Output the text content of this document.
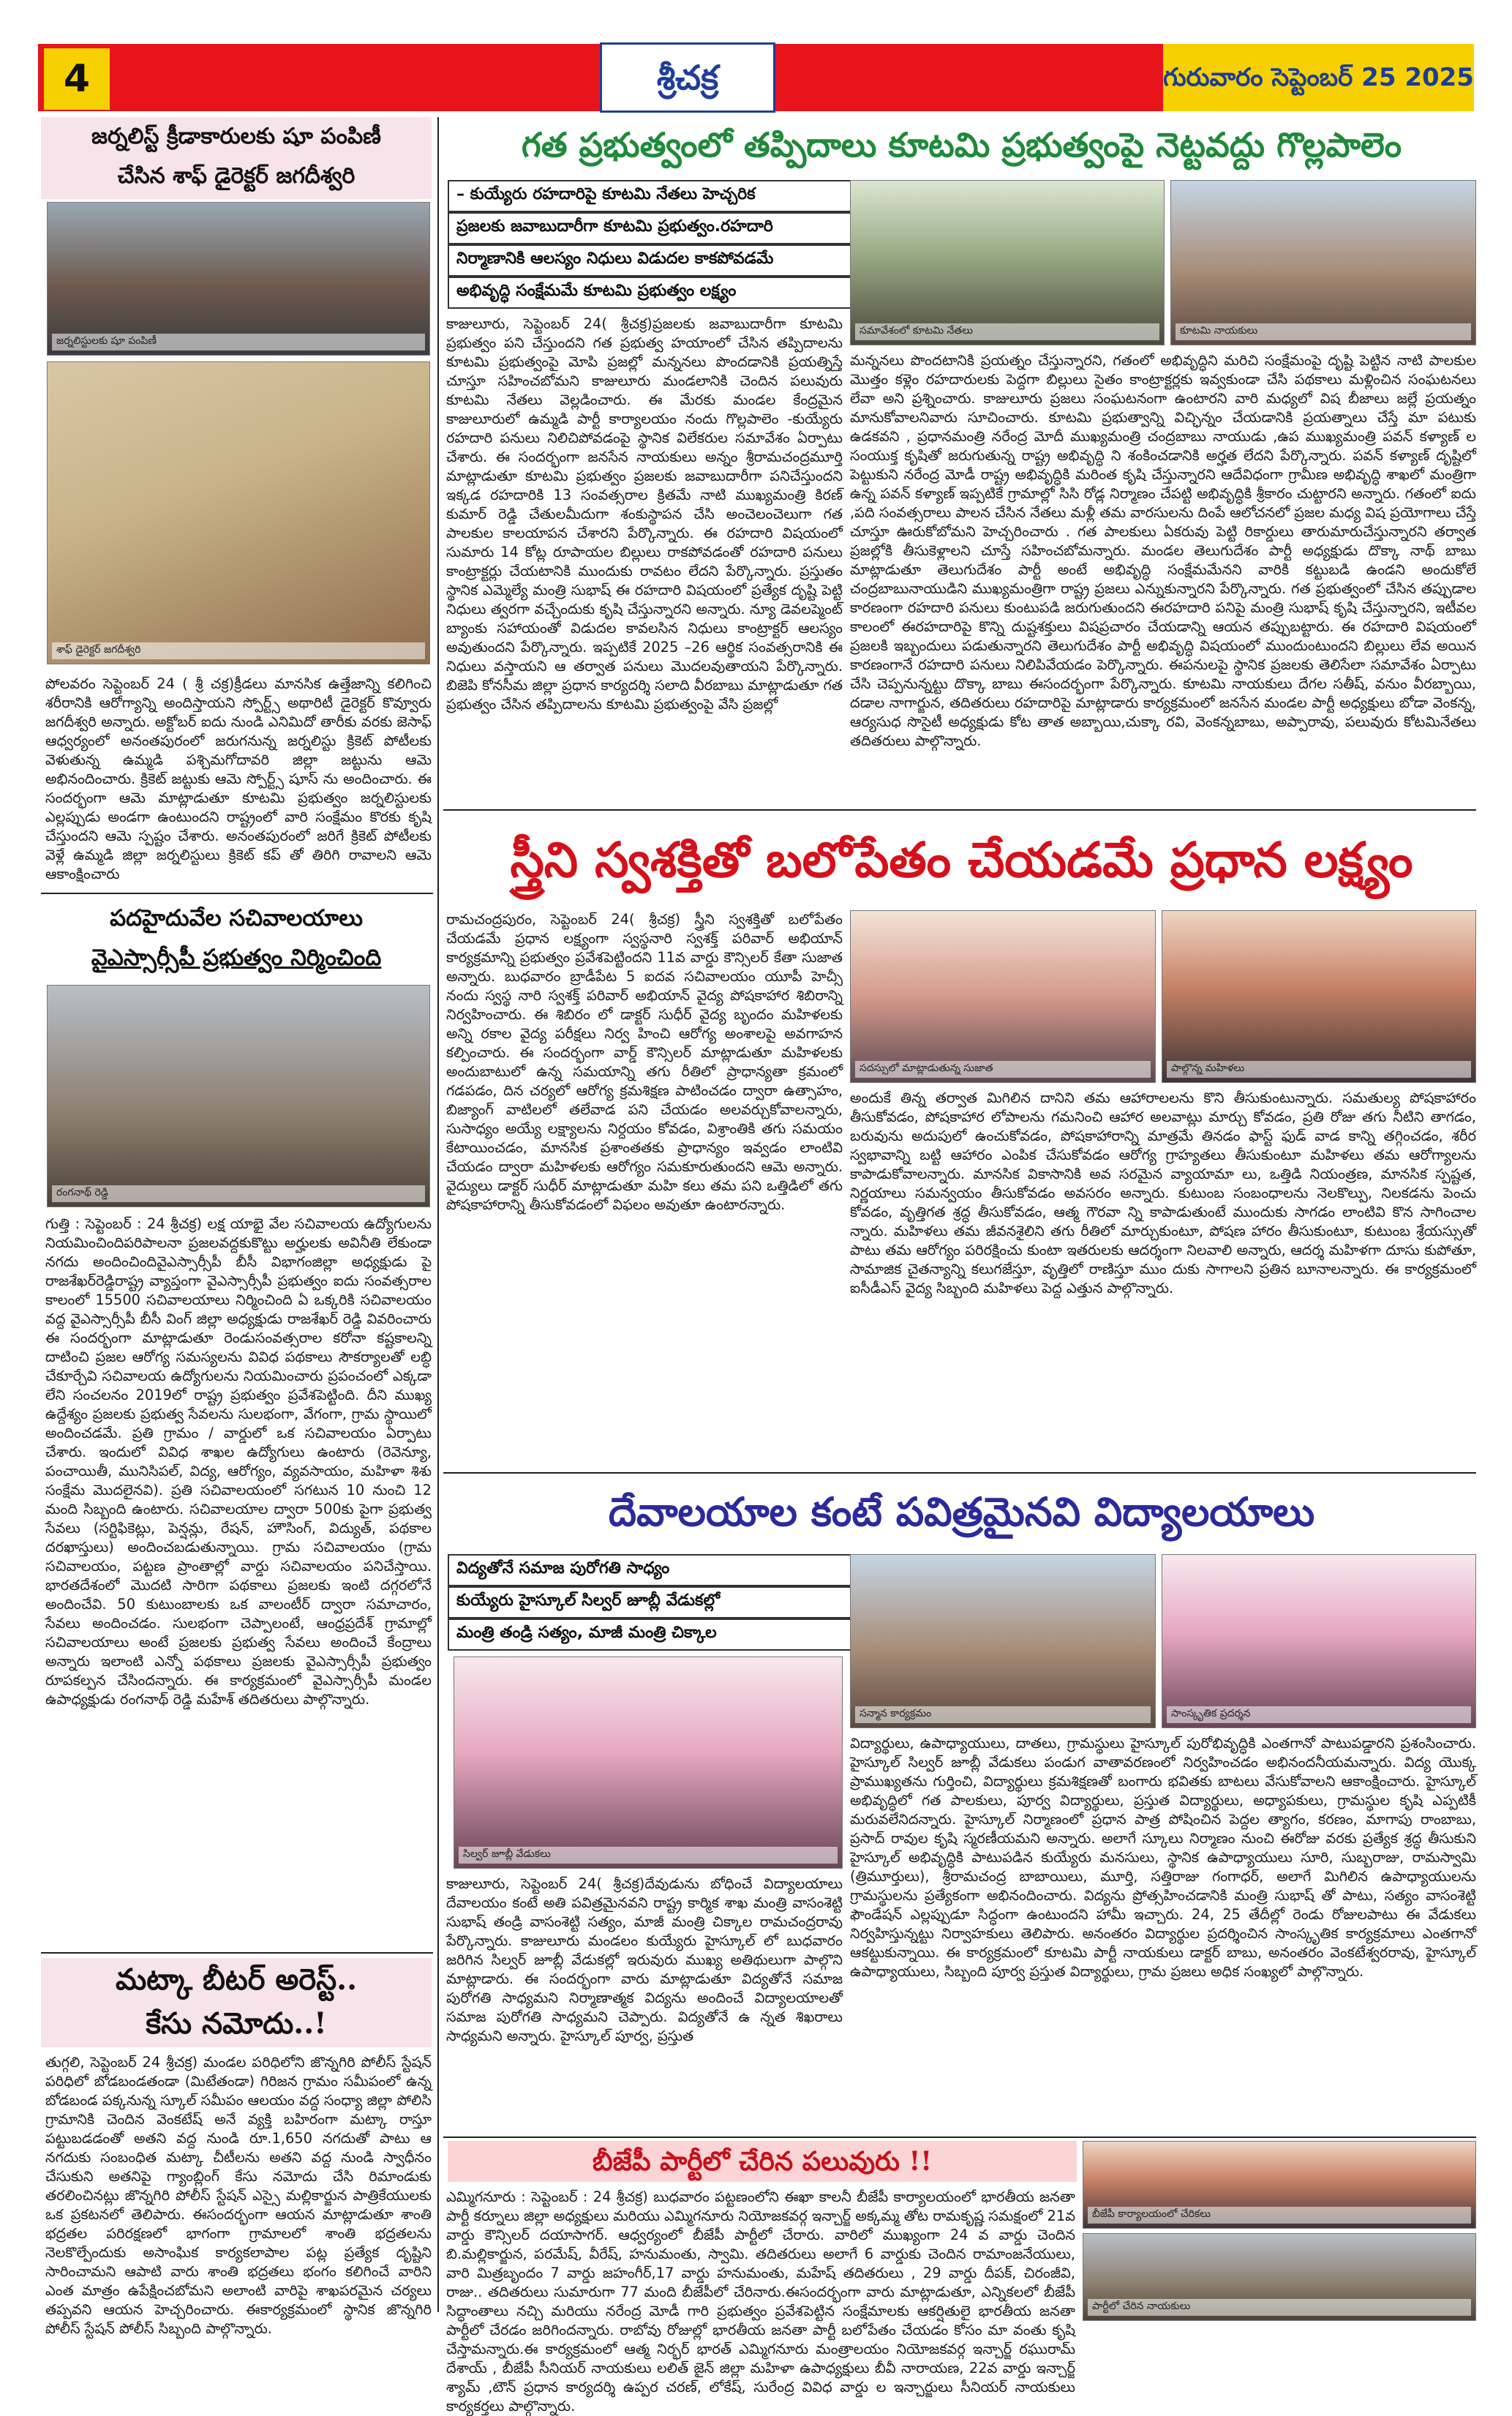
4	శ్రీచక్ర	గురువారం సెప్టెంబర్ 25 2025
జర్నలిస్ట్ క్రీడాకారులకు షూ పంపిణీ
చేసిన శాఫ్ డైరెక్టర్ జగదీశ్వరి
జర్నలిస్టులకు షూ పంపిణీ
శాఫ్ డైరెక్టర్ జగదీశ్వరి
పోలవరం సెప్టెంబర్ 24 ( శ్రీ చక్ర)క్రీడలు మానసిక ఉత్తేజాన్ని కలిగించి శరీరానికి ఆరోగ్యాన్ని అందిస్తాయని స్పోర్ట్స్ అథారిటీ డైరెక్టర్ కొవ్వూరు జగదీశ్వరి అన్నారు. అక్టోబర్ ఐదు నుండి ఎనిమిదో తారీకు వరకు జెసాఫ్ ఆధ్వర్యంలో అనంతపురంలో జరుగనున్న జర్నలిస్టు క్రికెట్ పోటీలకు వెళుతున్న ఉమ్మడి పశ్చిమగోదావరి జిల్లా జట్టును ఆమె అభినందించారు. క్రికెట్ జట్టుకు ఆమె స్పోర్ట్స్ షూస్ ను అందించారు. ఈ సందర్భంగా ఆమె మాట్లాడుతూ కూటమి ప్రభుత్వం జర్నలిస్టులకు ఎల్లప్పుడు అండగా ఉంటుందని రాష్ట్రంలో వారి సంక్షేమం కొరకు కృషి చేస్తుందని ఆమె స్పష్టం చేశారు. అనంతపురంలో జరిగే క్రికెట్ పోటీలకు వెళ్లే ఉమ్మడి జిల్లా జర్నలిస్టులు క్రికెట్ కప్ తో తిరిగి రావాలని ఆమె ఆకాంక్షించారు
పదహైదువేల సచివాలయాలు
వైఎస్సార్సీపీ ప్రభుత్వం నిర్మించింది
రంగనాథ్ రెడ్డి
గుత్తి : సెప్టెంబర్ : 24 శ్రీచక్ర) లక్ష యాభై వేల సచివాలయ ఉద్యోగులను నియమించిందిపరిపాలనా ప్రజలవద్దకుకొట్టు అర్హులకు అవినీతి లేకుండా నగదు అందించిందివైఎస్సార్సీపీ బీసీ విభాగంజిల్లా అధ్యక్షుడు పై రాజశేఖర్‌రెడ్డిరాష్ట్ర వ్యాప్తంగా వైఎస్సార్సీపీ ప్రభుత్వం ఐదు సంవత్సరాల కాలంలో 15500 సచివాలయాలు నిర్మించింది ఏ ఒక్కరికి సచివాలయం వద్ద వైఎస్సార్సీపీ బీసీ వింగ్ జిల్లా అధ్యక్షుడు రాజశేఖర్ రెడ్డి వివరించారు ఈ సందర్భంగా మాట్లాడుతూ రెండుసంవత్సరాల కరోనా కష్టకాలన్ని దాటించి ప్రజల ఆరోగ్య సమస్యలను వివిధ పథకాలు సౌకర్యాలతో లబ్ధి చేకూర్చేవి సచివాలయ ఉద్యోగులను నియమించారు ప్రపంచంలో ఎక్కడా లేని సంచలనం 2019లో రాష్ట్ర ప్రభుత్వం ప్రవేశపెట్టింది. దీని ముఖ్య ఉద్దేశ్యం ప్రజలకు ప్రభుత్వ సేవలను సులభంగా, వేగంగా, గ్రామ స్థాయిలో అందించడమే. ప్రతి గ్రామం / వార్డులో ఒక సచివాలయం ఏర్పాటు చేశారు. ఇందులో వివిధ శాఖల ఉద్యోగులు ఉంటారు (రెవెన్యూ, పంచాయితీ, మునిసిపల్, విద్య, ఆరోగ్యం, వ్యవసాయం, మహిళా శిశు సంక్షేమ మొదలైనవి). ప్రతి సచివాలయంలో సగటున 10 నుంచి 12 మంది సిబ్బంది ఉంటారు. సచివాలయాల ద్వారా 500కు పైగా ప్రభుత్వ సేవలు (సర్టిఫికెట్లు, పెన్షన్లు, రేషన్, హౌసింగ్, విద్యుత్, పథకాల దరఖాస్తులు) అందించబడుతున్నాయి. గ్రామ సచివాలయం (గ్రామ సచివాలయం, పట్టణ ప్రాంతాల్లో వార్డు సచివాలయం పనిచేస్తాయి. భారతదేశంలో మొదటి సారిగా పథకాలు ప్రజలకు ఇంటి దగ్గరలోనే అందించేవి. 50 కుటుంబాలకు ఒక వాలంటీర్ ద్వారా సమాచారం, సేవలు అందించడం. సులభంగా చెప్పాలంటే, ఆంధ్రప్రదేశ్ గ్రామాల్లో సచివాలయాలు అంటే ప్రజలకు ప్రభుత్వ సేవలు అందించే కేంద్రాలు అన్నారు ఇలాంటి ఎన్నో పథకాలు ప్రజలకు వైఎస్సార్సీపీ ప్రభుత్వం రూపకల్పన చేసిందన్నారు. ఈ కార్యక్రమంలో వైఎస్సార్సీపీ మండల ఉపాధ్యక్షుడు రంగనాథ్ రెడ్డి మహేశ్ తదితరులు పాల్గొన్నారు.
మట్కా బీటర్ అరెస్ట్..
కేసు నమోదు..!
తుగ్గలి, సెప్టెంబర్ 24 శ్రీచక్ర) మండల పరిధిలోని జొన్నగిరి పోలీస్ స్టేషన్ పరిధిలో బోడబండతండా (మిటేతండా) గిరిజన గ్రామం సమీపంలో ఉన్న బోడబండ పక్కనున్న స్కూల్ సమీపం ఆలయం వద్ద సంధ్యా జిల్లా పోలిసి గ్రామానికి చెందిన వెంకటేష్ అనే వ్యక్తి బహిరంగా మట్కా రాస్తూ పట్టుబడడంతో అతని వద్ద నుండి రూ.1,650 నగదుతో పాటు ఆ నగదుకు సంబంధిత మట్కా చీటీలను అతని వద్ద నుండి స్వాధీనం చేసుకుని అతనిపై గ్యాంబ్లింగ్ కేసు నమోదు చేసి రిమాండుకు తరలించినట్లు జొన్నగిరి పోలీస్ స్టేషన్ ఎస్సై మల్లికార్జున పాత్రికేయులకు ఒక ప్రకటనలో తెలిపారు. ఈసందర్భంగా ఆయన మాట్లాడుతూ శాంతి భద్రతల పరిరక్షణలో భాగంగా గ్రామాలలో శాంతి భద్రతలను నెలకొల్పేందుకు అసాంఘిక కార్యకలాపాల పట్ల ప్రత్యేక దృష్టిని సారించామని ఆపాటి వారు శాంతి భద్రతలు భంగం కలిగించే వారిని ఎంత మాత్రం ఉపేక్షించబోమని అలాంటి వారిపై శాఖపరమైన చర్యలు తప్పవని ఆయన హెచ్చరించారు. ఈకార్యక్రమంలో స్థానిక జొన్నగిరి పోలీస్ స్టేషన్ పోలీస్ సిబ్బంది పాల్గొన్నారు.
గత ప్రభుత్వంలో తప్పిదాలు కూటమి ప్రభుత్వంపై నెట్టవద్దు గొల్లపాలెం
– కుయ్యేరు రహదారిపై కూటమి నేతలు హెచ్చరిక
ప్రజలకు జవాబుదారీగా కూటమి ప్రభుత్వం.రహదారి
నిర్మాణానికి ఆలస్యం నిధులు విడుదల కాకపోవడమే
అభివృద్ధి సంక్షేమమే కూటమి ప్రభుత్వం లక్ష్యం
సమావేశంలో కూటమి నేతలు	కూటమి నాయకులు
కాజులూరు, సెప్టెంబర్ 24( శ్రీచక్ర)ప్రజలకు జవాబుదారీగా కూటమి ప్రభుత్వం పని చేస్తుందని గత ప్రభుత్వ హయాంలో చేసిన తప్పిదాలను కూటమి ప్రభుత్వంపై మోపి ప్రజల్లో మన్ననలు పొందడానికి ప్రయత్నిస్తే చూస్తూ సహించబోమని కాజులూరు మండలానికి చెందిన పలువురు కూటమి నేతలు వెల్లడించారు. ఈ మేరకు మండల కేంద్రమైన కాజులూరులో ఉమ్మడి పార్టీ కార్యాలయం నందు గొల్లపాలెం -కుయ్యేరు రహదారి పనులు నిలిచిపోవడంపై స్థానిక విలేకరుల సమావేశం ఏర్పాటు చేశారు. ఈ సందర్భంగా జనసేన నాయకులు అన్నం శ్రీరామచంద్రమూర్తి మాట్లాడుతూ కూటమి ప్రభుత్వం ప్రజలకు జవాబుదారీగా పనిచేస్తుందని ఇక్కడ రహదారికి 13 సంవత్సరాల క్రితమే నాటి ముఖ్యమంత్రి కిరణ్ కుమార్ రెడ్డి చేతులమీదుగా శంకుస్థాపన చేసి అంచెలంచెలుగా గత పాలకుల కాలయాపన చేశారని పేర్కొన్నారు. ఈ రహదారి విషయంలో సుమారు 14 కోట్ల రూపాయల బిల్లులు రాకపోవడంతో రహదారి పనులు కాంట్రాక్టర్లు చేయటానికి ముందుకు రావటం లేదని పేర్కొన్నారు. ప్రస్తుతం స్థానిక ఎమ్మెల్యే మంత్రి సుభాష్ ఈ రహదారి విషయంలో ప్రత్యేక దృష్టి పెట్టి నిధులు త్వరగా వచ్చేందుకు కృషి చేస్తున్నారని అన్నారు. న్యూ డెవలప్మెంట్ బ్యాంకు సహాయంతో విడుదల కావలసిన నిధులు కాంట్రాక్టర్ ఆలస్యం అవుతుందని పేర్కొన్నారు. ఇప్పటికే 2025 –26 ఆర్థిక సంవత్సరానికి ఈ నిధులు వస్తాయని ఆ తర్వాత పనులు మొదలవుతాయని పేర్కొన్నారు. బిజెపి కోనసీమ జిల్లా ప్రధాన కార్యదర్శి సలాది వీరబాబు మాట్లాడుతూ గత ప్రభుత్వం చేసిన తప్పిదాలను కూటమి ప్రభుత్వంపై వేసి ప్రజల్లో
మన్ననలు పొందటానికి ప్రయత్నం చేస్తున్నారని, గతంలో అభివృద్ధిని మరిచి సంక్షేమంపై దృష్టి పెట్టిన నాటి పాలకుల మొత్తం కళ్లెం రహదారులకు పెద్దగా బిల్లులు సైతం కాంట్రాక్టర్లకు ఇవ్వకుండా చేసి పథకాలు మళ్లించిన సంఘటనలు లేవా అని ప్రశ్నించారు. కాజులూరు ప్రజలు సంఘటనంగా ఉంటారని వారి మధ్యలో విష బీజాలు జల్లే ప్రయత్నం మానుకోవాలనివారు సూచించారు. కూటమి ప్రభుత్వాన్ని విచ్ఛిన్నం చేయడానికి ప్రయత్నాలు చేస్తే మా పటుకు ఉడకవని , ప్రధానమంత్రి నరేంద్ర మోదీ ముఖ్యమంత్రి చంద్రబాబు నాయుడు ,ఉప ముఖ్యమంత్రి పవన్ కళ్యాణ్ ల సంయుక్త కృషితో జరుగుతున్న రాష్ట్ర అభివృద్ధి ని శంకించడానికి అర్హత లేదని పేర్కొన్నారు. పవన్ కళ్యాణ్ దృష్టిలో పెట్టుకుని నరేంద్ర మోడీ రాష్ట్ర అభివృద్ధికి మరింత కృషి చేస్తున్నారని ఆదేవిధంగా గ్రామీణ అభివృద్ధి శాఖలో మంత్రిగా ఉన్న పవన్ కళ్యాణ్ ఇప్పటికే గ్రామాల్లో సిసి రోడ్ల నిర్మాణం చేపట్టి అభివృద్ధికి శ్రీకారం చుట్టారని అన్నారు. గతంలో ఐదు ,పది సంవత్సరాలు పాలన చేసిన నేతలు మళ్లీ తమ వారసులను దింపే ఆలోచనలో ప్రజల మధ్య విష ప్రయోగాలు చేస్తే చూస్తూ ఊరుకోబోమని హెచ్చరించారు . గత పాలకులు ఏకరువు పెట్టి రికార్డులు తారుమారుచేస్తున్నారని తర్వాత ప్రజల్లోకి తీసుకెళ్లాలని చూస్తే సహించబోమన్నారు. మండల తెలుగుదేశం పార్టీ అధ్యక్షుడు దొక్కా నాథ్ బాబు మాట్లాడుతూ తెలుగుదేశం పార్టీ అంటే అభివృద్ధి సంక్షేమమేనని వారికి కట్టుబడి ఉండని అందుకోలే చంద్రబాబునాయుడిని ముఖ్యమంత్రిగా రాష్ట్ర ప్రజలు ఎన్నుకున్నారని పేర్కొన్నారు. గత ప్రభుత్వంలో చేసిన తప్పుడాల కారణంగా రహదారి పనులు కుంటుపడి జరుగుతుందని ఈరహదారి పనిపై మంత్రి సుభాష్ కృషి చేస్తున్నారని, ఇటీవల కాలంలో ఈరహదారిపై కొన్ని దుష్టశక్తులు విషప్రచారం చేయడాన్ని ఆయన తప్పుబట్టారు. ఈ రహదారి విషయంలో ప్రజలకి ఇబ్బందులు పడుతున్నారని తెలుగుదేశం పార్టీ అభివృద్ధి విషయంలో ముందుంటుందని బిల్లులు లేవ అయిన కారణంగానే రహదారి పనులు నిలిపివేయడం పెర్కొన్నారు. ఈపనులపై స్థానిక ప్రజలకు తెలిసేలా సమావేశం ఏర్పాటు చేసి చెప్పనున్నట్టు దొక్కా బాబు ఈసందర్భంగా పేర్కొన్నారు. కూటమి నాయకులు దేగల సతీష్, వనుం వీరబ్బాయి, దడాల నాగార్జున, తదితరులు రహదారిపై మాట్లాడారు కార్యక్రమంలో జనసేన మండల పార్టీ అధ్యక్షులు బోడా వెంకన్న, ఆర్యసుధ సొసైటీ అధ్యక్షుడు కోట తాత అబ్బాయి,చుక్కా రవి, వెంకన్నబాబు, అప్పారావు, పలువురు కోటమినేతలు తదితరులు పాల్గొన్నారు.
స్త్రీని స్వశక్తితో బలోపేతం చేయడమే ప్రధాన లక్ష్యం
రామచంద్రపురం, సెప్టెంబర్ 24( శ్రీచక్ర) స్త్రీని స్వశక్తితో బలోపేతం చేయడమే ప్రధాన లక్ష్యంగా స్వస్థనారి స్వశక్త్ పరివార్ అభియాన్ కార్యక్రమాన్ని ప్రభుత్వం ప్రవేశపెట్టిందని 11వ వార్డు కౌన్సిలర్ కేతా సుజాత అన్నారు. బుధవారం బ్రాడీపేట 5 ఐదవ సచివాలయం యూపీ హెచ్సీ నందు స్వస్థ నారి స్వశక్త్ పరివార్ అభియాన్ వైద్య పోషకాహార శిబిరాన్ని నిర్వహించారు. ఈ శిబిరం లో డాక్టర్ సుధీర్ వైద్య బృందం మహిళలకు అన్ని రకాల వైద్య పరీక్షలు నిర్వ హించి ఆరోగ్య అంశాలపై అవగాహన కల్పించారు. ఈ సందర్భంగా వార్డ్ కౌన్సిలర్ మాట్లాడుతూ మహిళలకు అందుబాటులో ఉన్న సమయాన్ని తగు రీతిలో ప్రాధాన్యతా క్రమంలో గడపడం, దిన చర్యలో ఆరోగ్య క్రమశిక్షణ పాటించడం ద్వారా ఉత్సాహం, బిజ్యాంగ్ వాటిలలో తలేవాడ పని చేయడం అలవర్చుకోవాలన్నారు, సుసాధ్యం అయ్యే లక్ష్యాలను నిర్దయం కోవడం, విశ్రాంతికి తగు సమయం కేటాయించడం, మానసిక ప్రశాంతతకు ప్రాధాన్యం ఇవ్వడం లాంటివి చేయడం ద్వారా మహిళలకు ఆరోగ్యం సమకూరుతుందని ఆమె అన్నారు. వైద్యులు డాక్టర్ సుధీర్ మాట్లాడుతూ మహి కలు తమ పని ఒత్తిడిలో తగు పోషకాహారాన్ని తీసుకోవడంలో విఫలం అవుతూ ఉంటారన్నారు.
సదస్సులో మాట్లాడుతున్న సుజాత	పాల్గొన్న మహిళలు
అందుకే తిన్న తర్వాత మిగిలిన దానిని తమ ఆహారాలలను కొని తీసుకుంటున్నారు. సమతుల్య పోషకాహారం తీసుకోవడం, పోషకాహార లోపాలను గమనించి ఆహార అలవాట్లు మార్చు కోవడం, ప్రతి రోజు తగు నీటిని తాగడం, బరువును అదుపులో ఉంచుకోవడం, పోషకాహారాన్ని మాత్రమే తినడం ఫాస్ట్ ఫుడ్ వాడ కాన్ని తగ్గించడం, శరీర స్వభావాన్ని బట్టి ఆహారం ఎంపిక చేసుకోవడం ఆరోగ్య గ్రాహ్యతలు తీసుకుంటూ మహిళలు తమ ఆరోగ్యాలను కాపాడుకోవాలన్నారు. మానసిక వికాసానికి అవ సరమైన వ్యాయామా లు, ఒత్తిడి నియంత్రణ, మానసిక స్పష్టత, నిర్ణయాలు సమన్వయం తీసుకోవడం అవసరం అన్నారు. కుటుంబ సంబంధాలను నెలకొల్పు, నిలకడను పెంచు కోవడం, వృత్తిగత శ్రద్ధ తీసుకోవడం, ఆత్మ గౌరవా న్ని కాపాడుతుంటే ముందుకు సాగడం లాంటివి కొన సాగించాల న్నారు. మహిళలు తమ జీవనశైలిని తగు రీతిలో మార్చుకుంటూ, పోషణ హారం తీసుకుంటూ, కుటుంబ శ్రేయస్సుతో పాటు తమ ఆరోగ్యం పరిరక్షించు కుంటా ఇతరులకు ఆదర్శంగా నిలవాలి అన్నారు, ఆదర్శ మహిళగా దూసు కుపోతూ, సామాజిక చైతన్యాన్ని కలుగజేస్తూ, వృత్తిలో రాణిస్తూ ముం దుకు సాగాలని ప్రతిన బూనాలన్నారు. ఈ కార్యక్రమంలో ఐసీడీఎస్ వైద్య సిబ్బంది మహిళలు పెద్ద ఎత్తున పాల్గొన్నారు.
దేవాలయాల కంటే పవిత్రమైనవి విద్యాలయాలు
విద్యతోనే సమాజ పురోగతి సాధ్యం
కుయ్యేరు హైస్కూల్ సిల్వర్ జూబ్లీ వేడుకల్లో
మంత్రి తండ్రి సత్యం, మాజీ మంత్రి చిక్కాల
సిల్వర్ జూబ్లీ వేడుకలు
సన్మాన కార్యక్రమం	సాంస్కృతిక ప్రదర్శన
కాజులూరు, సెప్టెంబర్ 24( శ్రీచక్ర)దేవుడును బోధించే విద్యాలయాలు దేవాలయం కంటే అతి పవిత్రమైనవని రాష్ట్ర కార్మిక శాఖ మంత్రి వాసంశెట్టి సుభాష్ తండ్రి వాసంశెట్టి సత్యం, మాజీ మంత్రి చిక్కాల రామచంద్రరావు పేర్కొన్నారు. కాజులూరు మండలం కుయ్యేరు హైస్కూల్ లో బుధవారం జరిగిన సిల్వర్ జూబ్లీ వేడుకల్లో ఇరువురు ముఖ్య అతిథులుగా పాల్గొని మాట్లాడారు. ఈ సందర్భంగా వారు మాట్లాడుతూ విద్యతోనే సమాజ పురోగతి సాధ్యమని నిర్మాణాత్మక విద్యను అందించే విద్యాలయాలతో సమాజ పురోగతి సాధ్యమని చెప్పారు. విద్యతోనే ఉ న్నత శిఖరాలు సాధ్యమని అన్నారు. హైస్కూల్ పూర్వ, ప్రస్తుత
విద్యార్థులు, ఉపాధ్యాయులు, దాతలు, గ్రామస్థులు హైస్కూల్ పురోభివృద్ధికి ఎంతగానో పాటుపడ్డారని ప్రశంసించారు. హైస్కూల్ సిల్వర్ జూబ్లీ వేడుకలు పండుగ వాతావరణంలో నిర్వహించడం అభినందనీయమన్నారు. విద్య యొక్క ప్రాముఖ్యతను గుర్తించి, విద్యార్థులు క్రమశిక్షణతో బంగారు భవితకు బాటలు వేసుకోవాలని ఆకాంక్షించారు. హైస్కూల్ అభివృద్ధిలో గత పాలకులు, పూర్వ విద్యార్థులు, ప్రస్తుత విద్యార్థులు, అధ్యాపకులు, గ్రామస్థుల కృషి ఎప్పటికీ మరువలేనిదన్నారు. హైస్కూల్ నిర్మాణంలో ప్రధాన పాత్ర పోషించిన పెద్దల త్యాగం, కరణం, మాగాపు రాంబాబు, ప్రసాద్ రావుల కృషి స్మరణీయమని అన్నారు. అలాగే స్కూలు నిర్మాణం నుంచి ఈరోజు వరకు ప్రత్యేక శ్రద్ధ తీసుకుని హైస్కూల్ అభివృద్ధికి పాటుపడిన కుయ్యేరు మనసులు, స్థానిక ఉపాధ్యాయులు సూరి, సుబ్బరాజు, రామస్వామి (త్రిమూర్తులు), శ్రీరామచంద్ర బాబాయిలు, మూర్తి, సత్తిరాజు గంగాధర్, అలాగే మిగిలిన ఉపాధ్యాయులను గ్రామస్థులను ప్రత్యేకంగా అభినందించారు. విద్యను ప్రోత్సహించడానికి మంత్రి సుభాష్ తో పాటు, సత్యం వాసంశెట్టి ఫౌండేషన్ ఎల్లప్పుడూ సిద్ధంగా ఉంటుందని హామీ ఇచ్చారు. 24, 25 తేదీల్లో రెండు రోజులపాటు ఈ వేడుకలు నిర్వహిస్తున్నట్టు నిర్వాహకులు తెలిపారు. అనంతరం విద్యార్థుల ప్రదర్శించిన సాంస్కృతిక కార్యక్రమాలు ఎంతగానో ఆకట్టుకున్నాయి. ఈ కార్యక్రమంలో కూటమి పార్టీ నాయకులు డాక్టర్ బాబు, అనంతరం వెంకటేశ్వరరావు, హైస్కూల్ ఉపాధ్యాయులు, సిబ్బంది పూర్వ ప్రస్తుత విద్యార్థులు, గ్రామ ప్రజలు అధిక సంఖ్యలో పాల్గొన్నారు.
బీజేపీ పార్టీలో చేరిన పలువురు !!
ఎమ్మిగనూరు : సెప్టెంబర్ : 24 శ్రీచక్ర) బుధవారం పట్టణంలోని ఈఖా కాలనీ బీజేపీ కార్యాలయంలో భారతీయ జనతా పార్టీ కర్నూలు జిల్లా అధ్యక్షులు మరియు ఎమ్మిగనూరు నియోజకవర్గ ఇన్చార్జ్ అక్కమ్మ తోట రామకృష్ణ సమక్షంలో 21వ వార్డు కౌన్సిలర్ దయాసాగర్. ఆధ్వర్యంలో బీజేపీ పార్టీలో చేరారు. వారిలో ముఖ్యంగా 24 వ వార్డు చెందిన బి.మల్లికార్జున, పరమేష్, వీరేష్, హనుమంతు, స్వామి. తదితరులు అలాగే 6 వార్డుకు చెందిన రామాంజనేయులు, వారి మిత్రబృందం 7 వార్డు జహంగీర్,17 వార్డు హనుమంతు, మహేష్ తదితరులు , 29 వార్డు దీపక్, చిరంజీవి, రాజు.. తదితరులు సుమారుగా 77 మంది బీజేపీలో చేరినారు.ఈసందర్భంగా వారు మాట్లాడుతూ, ఎన్నికలలో బీజేపీ సిద్ధాంతాలు నచ్చి మరియు నరేంద్ర మోడీ గారి ప్రభుత్వం ప్రవేశపెట్టిన సంక్షేమాలకు ఆకర్షితులై భారతీయ జనతా పార్టీలో చేరడం జరిగిందన్నారు. రాబోవు రోజుల్లో భారతీయ జనతా పార్టీ బలోపేతం చేయడం కోసం మా వంతు కృషి చేస్తామన్నారు.ఈ కార్యక్రమంలో ఆత్మ నిర్భర్ భారత్ ఎమ్మిగనూరు మంత్రాలయం నియోజకవర్గ ఇన్చార్జ్ రఘురామ్ దేశాయ్ , బీజేపీ సీనియర్ నాయకులు లలిత్ జైన్ జిల్లా మహిళా ఉపాధ్యక్షులు బీవీ నారాయణ, 22వ వార్డు ఇన్చార్జ్ శ్యామ్ ,టౌన్ ప్రధాన కార్యదర్శి ఉప్పర చరణ్, లోకేష్, సురేంద్ర వివిధ వార్డు ల ఇన్చార్జులు సీనియర్ నాయకులు కార్యకర్తలు పాల్గొన్నారు.
బీజేపీ కార్యాలయంలో చేరికలు
పార్టీలో చేరిన నాయకులు
